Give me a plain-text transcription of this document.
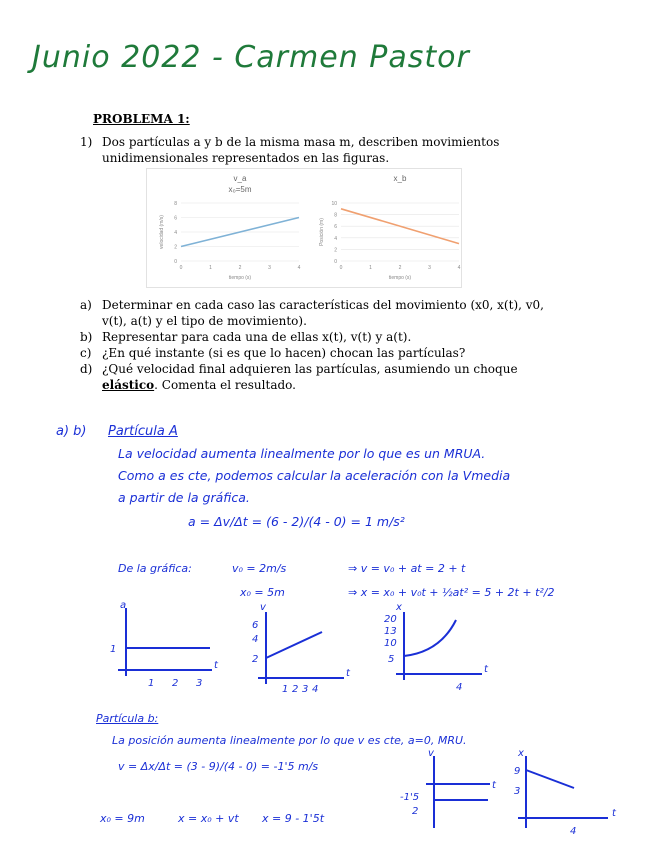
Junio 2022 - Carmen Pastor
PROBLEMA 1:
1) Dos partículas a y b de la misma masa m, describen movimientos unidimensionales representados en las figuras.
v_a
x₀=5m
0
2
4
6
8
0	1	2	3	4
tiempo (s)
velocidad (m/s)
x_b
0
2
4
6
8
10
0	1	2	3	4
tiempo (s)
Posición (m)
a) Determinar en cada caso las características del movimiento (x0, x(t), v0, v(t), a(t) y el tipo de movimiento).
b) Representar para cada una de ellas x(t), v(t) y a(t).
c) ¿En qué instante (si es que lo hacen) chocan las partículas?
d) ¿Qué velocidad final adquieren las partículas, asumiendo un choque elástico. Comenta el resultado.
a) b) Partícula A
La velocidad aumenta linealmente por lo que es un MRUA.
Como a es cte, podemos calcular la aceleración con la Vmedia
a partir de la gráfica.
a = Δv/Δt = (6 - 2)/(4 - 0) = 1 m/s²
De la gráfica:	v₀ = 2m/s	⇒ v = v₀ + at = 2 + t
x₀ = 5m	⇒ x = x₀ + v₀t + ½at² = 5 + 2t + t²/2
a
t
1
1 2 3
v
t
6
4
2
1 2 3 4
x
t
20
13
10
5
4
Partícula b:
La posición aumenta linealmente por lo que v es cte, a=0, MRU.
v = Δx/Δt = (3 - 9)/(4 - 0) = -1'5 m/s
x₀ = 9m	x = x₀ + vt x = 9 - 1'5t
v
t
-1'5
2
x
t
9
3
4
